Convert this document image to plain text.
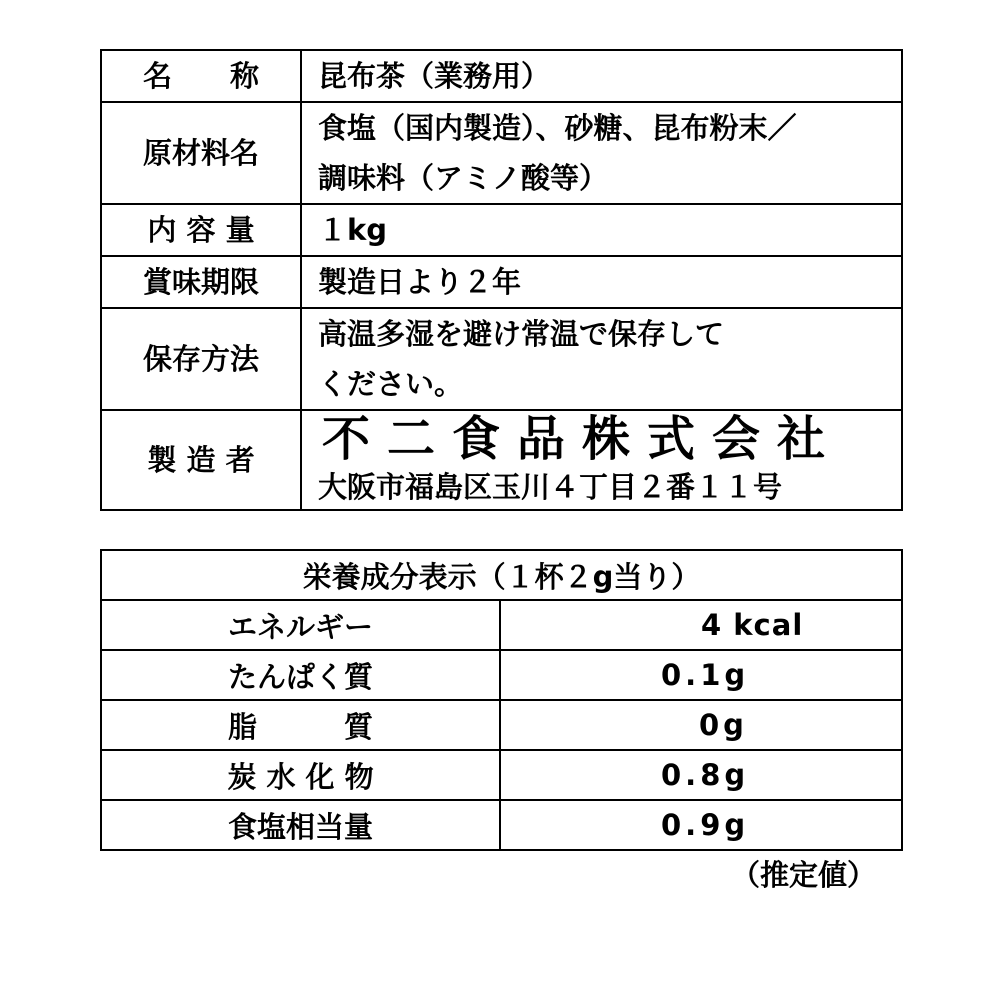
名　　称	昆布茶（業務用）
原材料名	食塩（国内製造）、砂糖、昆布粉末／
調味料（アミノ酸等）

内 容 量	１kg
賞味期限	製造日より２年
保存方法	高温多湿を避け常温で保存して
ください。

製 造 者	不二食品株式会社
大阪市福島区玉川４丁目２番１１号
栄養成分表示（１杯２g当り）	
エネルギー	4 kcal
たんぱく質	0.1g
脂　　　質	0g
炭 水 化 物	0.8g
食塩相当量	0.9g
（推定値）
